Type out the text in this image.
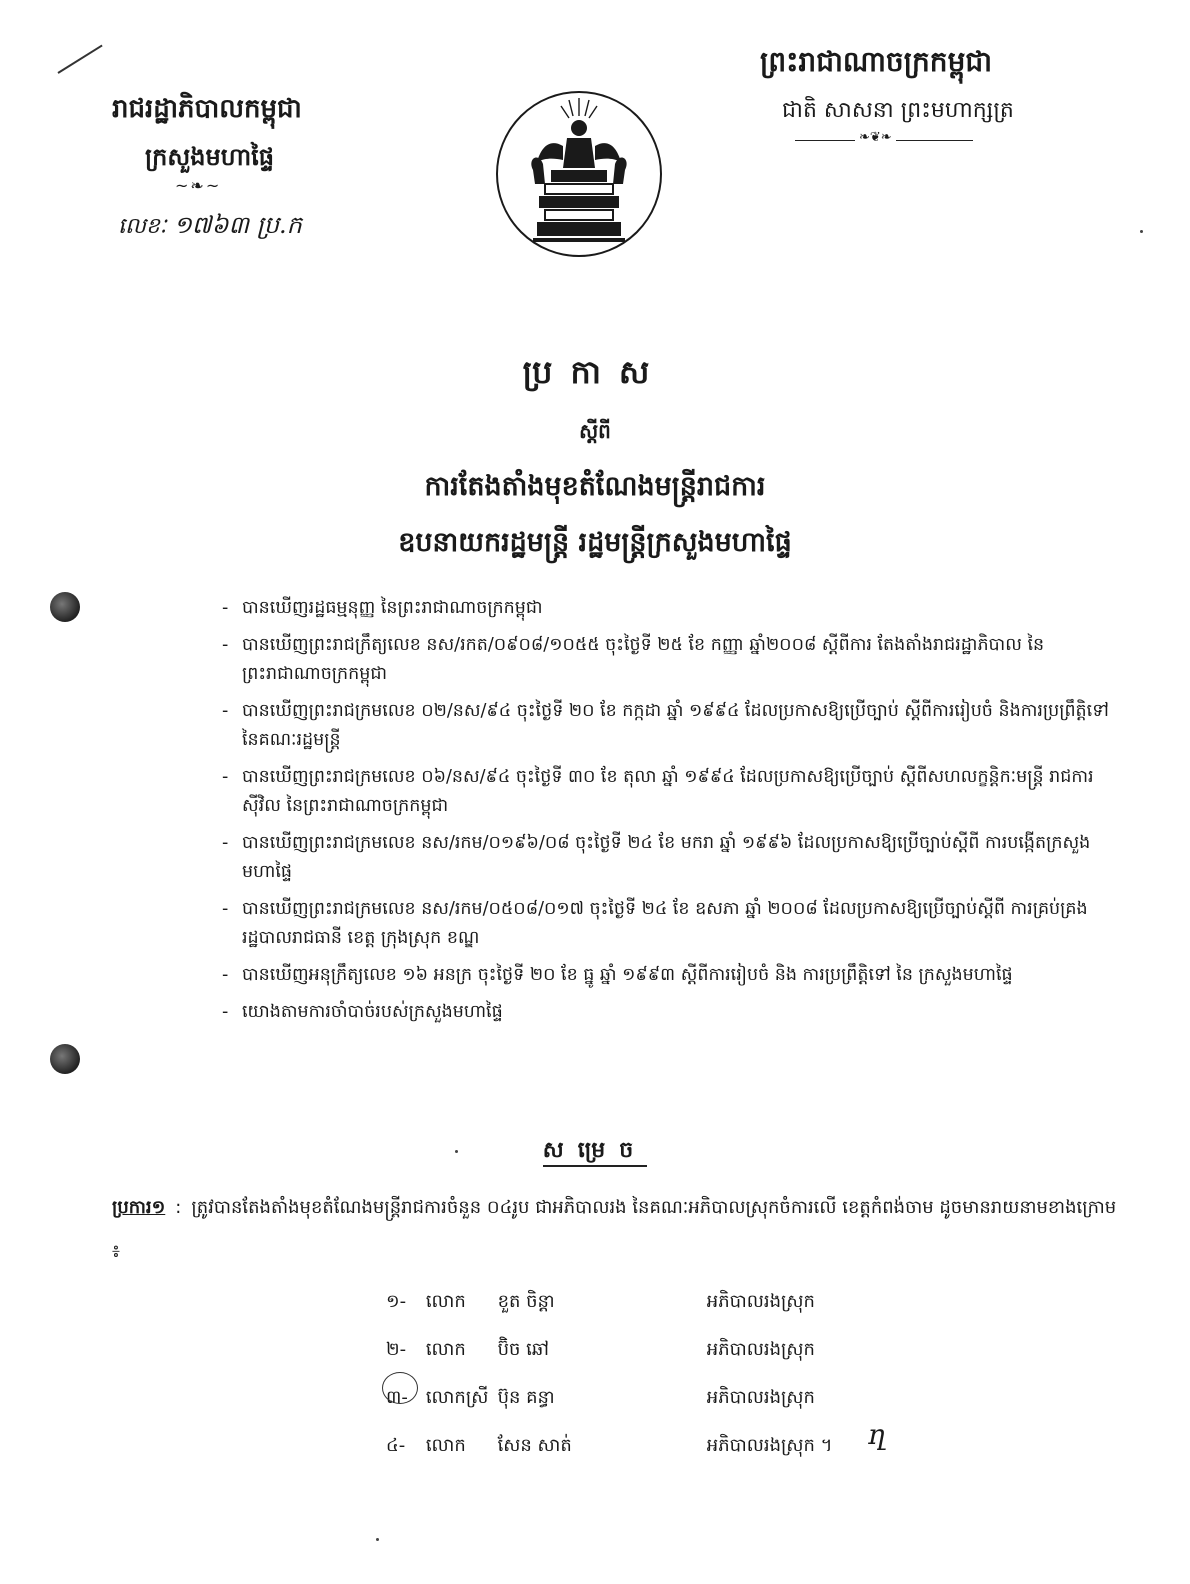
រាជរដ្ឋាភិបាលកម្ពុជា
ក្រសួងមហាផ្ទៃ
~❧~
លេខៈ ១៧៦៣ ប្រ.ក
ព្រះរាជាណាចក្រកម្ពុជា
ជាតិ សាសនា ព្រះមហាក្សត្រ
❧❦❧
ប្រកាស
ស្តីពី
ការតែងតាំងមុខតំណែងមន្ត្រីរាជការ
ឧបនាយករដ្ឋមន្ត្រី រដ្ឋមន្ត្រីក្រសួងមហាផ្ទៃ
- បានឃើញរដ្ឋធម្មនុញ្ញ នៃព្រះរាជាណាចក្រកម្ពុជា
- បានឃើញព្រះរាជក្រឹត្យលេខ នស/រកត/០៩០៨/១០៥៥ ចុះថ្ងៃទី ២៥ ខែ កញ្ញា ឆ្នាំ២០០៨ ស្តីពីការ តែងតាំងរាជរដ្ឋាភិបាល នៃព្រះរាជាណាចក្រកម្ពុជា
- បានឃើញព្រះរាជក្រមលេខ ០២/នស/៩៤ ចុះថ្ងៃទី ២០ ខែ កក្កដា ឆ្នាំ ១៩៩៤ ដែលប្រកាសឱ្យប្រើច្បាប់ ស្តីពីការរៀបចំ និងការប្រព្រឹត្តិទៅ នៃគណៈរដ្ឋមន្ត្រី
- បានឃើញព្រះរាជក្រមលេខ ០៦/នស/៩៤ ចុះថ្ងៃទី ៣០ ខែ តុលា ឆ្នាំ ១៩៩៤ ដែលប្រកាសឱ្យប្រើច្បាប់ ស្តីពីសហលក្ខន្តិកៈមន្ត្រី រាជការស៊ីវិល នៃព្រះរាជាណាចក្រកម្ពុជា
- បានឃើញព្រះរាជក្រមលេខ នស/រកម/០១៩៦/០៨ ចុះថ្ងៃទី ២៤ ខែ មករា ឆ្នាំ ១៩៩៦ ដែលប្រកាសឱ្យប្រើច្បាប់ស្តីពី ការបង្កើតក្រសួងមហាផ្ទៃ
- បានឃើញព្រះរាជក្រមលេខ នស/រកម/០៥០៨/០១៧ ចុះថ្ងៃទី ២៤ ខែ ឧសភា ឆ្នាំ ២០០៨ ដែលប្រកាសឱ្យប្រើច្បាប់ស្តីពី ការគ្រប់គ្រងរដ្ឋបាលរាជធានី ខេត្ត ក្រុងស្រុក ខណ្ឌ
- បានឃើញអនុក្រឹត្យលេខ ១៦ អនក្រ ចុះថ្ងៃទី ២០ ខែ ធ្នូ ឆ្នាំ ១៩៩៣ ស្តីពីការរៀបចំ និង ការប្រព្រឹត្តិទៅ នៃ ក្រសួងមហាផ្ទៃ
- យោងតាមការចាំបាច់របស់ក្រសួងមហាផ្ទៃ
សម្រេច
ប្រការ១ : ត្រូវបានតែងតាំងមុខតំណែងមន្ត្រីរាជការចំនួន ០៤រូប ជាអភិបាលរង នៃគណៈអភិបាលស្រុកចំការលើ ខេត្តកំពង់ចាម ដូចមានរាយនាមខាងក្រោម ៖
១-	លោក	ខួត ចិន្តា	អភិបាលរងស្រុក
២-	លោក	ប៊ិច ឆៅ	អភិបាលរងស្រុក
៣- លោកស្រី ប៊ុន គន្ធា	អភិបាលរងស្រុក
៤-	លោក	សែន សាត់	អភិបាលរងស្រុក ។	ղ
